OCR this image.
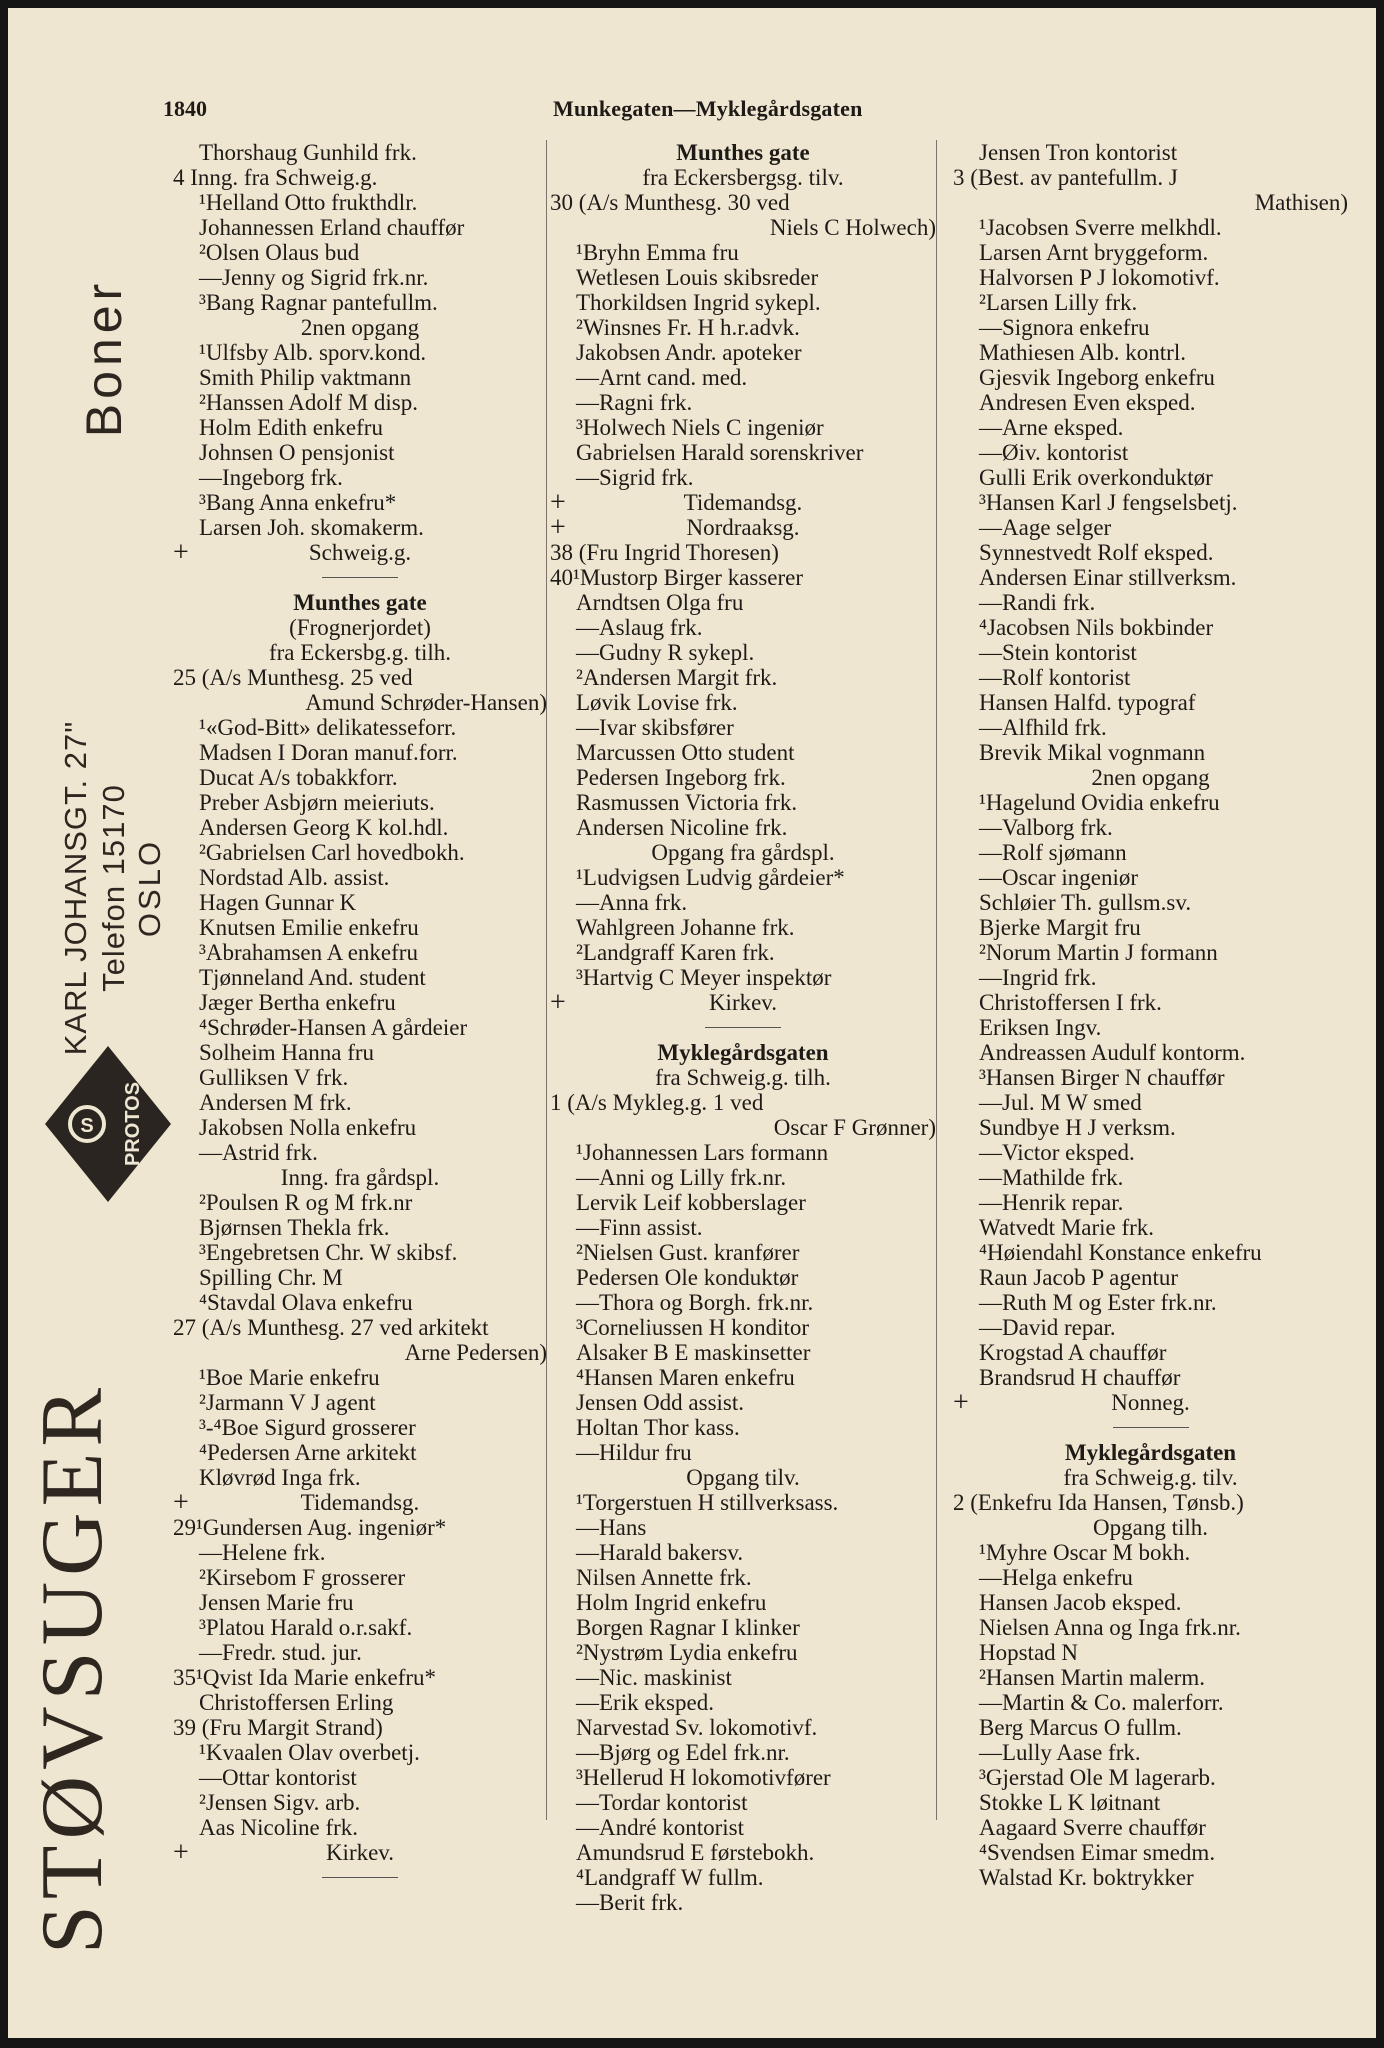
1840	Munkegaten—Myklegårdsgaten
Boner
KARL JOHANSGT. 27" Telefon 15170 OSLO
S PROTOS
STØVSUGER
Thorshaug Gunhild frk.
4 Inng. fra Schweig.g.
¹Helland Otto frukthdlr.
Johannessen Erland chauffør
²Olsen Olaus bud
—Jenny og Sigrid frk.nr.
³Bang Ragnar pantefullm.
2nen opgang
¹Ulfsby Alb. sporv.kond.
Smith Philip vaktmann
²Hanssen Adolf M disp.
Holm Edith enkefru
Johnsen O pensjonist
—Ingeborg frk.
³Bang Anna enkefru*
Larsen Joh. skomakerm.
+	Schweig.g.
Munthes gate
(Frognerjordet)
fra Eckersbg.g. tilh.
25 (A/s Munthesg. 25 ved
Amund Schrøder-Hansen)
¹«God-Bitt» delikatesseforr.
Madsen I Doran manuf.forr.
Ducat A/s tobakkforr.
Preber Asbjørn meieriuts.
Andersen Georg K kol.hdl.
²Gabrielsen Carl hovedbokh.
Nordstad Alb. assist.
Hagen Gunnar K
Knutsen Emilie enkefru
³Abrahamsen A enkefru
Tjønneland And. student
Jæger Bertha enkefru
⁴Schrøder-Hansen A gårdeier
Solheim Hanna fru
Gulliksen V frk.
Andersen M frk.
Jakobsen Nolla enkefru
—Astrid frk.
Inng. fra gårdspl.
²Poulsen R og M frk.nr
Bjørnsen Thekla frk.
³Engebretsen Chr. W skibsf.
Spilling Chr. M
⁴Stavdal Olava enkefru
27 (A/s Munthesg. 27 ved arkitekt
Arne Pedersen)
¹Boe Marie enkefru
²Jarmann V J agent
³-⁴Boe Sigurd grosserer
⁴Pedersen Arne arkitekt
Kløvrød Inga frk.
+	Tidemandsg.
29¹Gundersen Aug. ingeniør*
—Helene frk.
²Kirsebom F grosserer
Jensen Marie fru
³Platou Harald o.r.sakf.
—Fredr. stud. jur.
35¹Qvist Ida Marie enkefru*
Christoffersen Erling
39 (Fru Margit Strand)
¹Kvaalen Olav overbetj.
—Ottar kontorist
²Jensen Sigv. arb.
Aas Nicoline frk.
+	Kirkev.
Munthes gate
fra Eckersbergsg. tilv.
30 (A/s Munthesg. 30 ved
Niels C Holwech)
¹Bryhn Emma fru
Wetlesen Louis skibsreder
Thorkildsen Ingrid sykepl.
²Winsnes Fr. H h.r.advk.
Jakobsen Andr. apoteker
—Arnt cand. med.
—Ragni frk.
³Holwech Niels C ingeniør
Gabrielsen Harald sorenskriver
—Sigrid frk.
+	Tidemandsg.
+	Nordraaksg.
38 (Fru Ingrid Thoresen)
40¹Mustorp Birger kasserer
Arndtsen Olga fru
—Aslaug frk.
—Gudny R sykepl.
²Andersen Margit frk.
Løvik Lovise frk.
—Ivar skibsfører
Marcussen Otto student
Pedersen Ingeborg frk.
Rasmussen Victoria frk.
Andersen Nicoline frk.
Opgang fra gårdspl.
¹Ludvigsen Ludvig gårdeier*
—Anna frk.
Wahlgreen Johanne frk.
²Landgraff Karen frk.
³Hartvig C Meyer inspektør
+	Kirkev.
Myklegårdsgaten
fra Schweig.g. tilh.
1 (A/s Mykleg.g. 1 ved
Oscar F Grønner)
¹Johannessen Lars formann
—Anni og Lilly frk.nr.
Lervik Leif kobberslager
—Finn assist.
²Nielsen Gust. kranfører
Pedersen Ole konduktør
—Thora og Borgh. frk.nr.
³Corneliussen H konditor
Alsaker B E maskinsetter
⁴Hansen Maren enkefru
Jensen Odd assist.
Holtan Thor kass.
—Hildur fru
Opgang tilv.
¹Torgerstuen H stillverksass.
—Hans
—Harald bakersv.
Nilsen Annette frk.
Holm Ingrid enkefru
Borgen Ragnar I klinker
²Nystrøm Lydia enkefru
—Nic. maskinist
—Erik eksped.
Narvestad Sv. lokomotivf.
—Bjørg og Edel frk.nr.
³Hellerud H lokomotivfører
—Tordar kontorist
—André kontorist
Amundsrud E førstebokh.
⁴Landgraff W fullm.
—Berit frk.
Jensen Tron kontorist
3 (Best. av pantefullm. J
Mathisen)
¹Jacobsen Sverre melkhdl.
Larsen Arnt bryggeform.
Halvorsen P J lokomotivf.
²Larsen Lilly frk.
—Signora enkefru
Mathiesen Alb. kontrl.
Gjesvik Ingeborg enkefru
Andresen Even eksped.
—Arne eksped.
—Øiv. kontorist
Gulli Erik overkonduktør
³Hansen Karl J fengselsbetj.
—Aage selger
Synnestvedt Rolf eksped.
Andersen Einar stillverksm.
—Randi frk.
⁴Jacobsen Nils bokbinder
—Stein kontorist
—Rolf kontorist
Hansen Halfd. typograf
—Alfhild frk.
Brevik Mikal vognmann
2nen opgang
¹Hagelund Ovidia enkefru
—Valborg frk.
—Rolf sjømann
—Oscar ingeniør
Schløier Th. gullsm.sv.
Bjerke Margit fru
²Norum Martin J formann
—Ingrid frk.
Christoffersen I frk.
Eriksen Ingv.
Andreassen Audulf kontorm.
³Hansen Birger N chauffør
—Jul. M W smed
Sundbye H J verksm.
—Victor eksped.
—Mathilde frk.
—Henrik repar.
Watvedt Marie frk.
⁴Høiendahl Konstance enkefru
Raun Jacob P agentur
—Ruth M og Ester frk.nr.
—David repar.
Krogstad A chauffør
Brandsrud H chauffør
+	Nonneg.
Myklegårdsgaten
fra Schweig.g. tilv.
2 (Enkefru Ida Hansen, Tønsb.)
Opgang tilh.
¹Myhre Oscar M bokh.
—Helga enkefru
Hansen Jacob eksped.
Nielsen Anna og Inga frk.nr.
Hopstad N
²Hansen Martin malerm.
—Martin & Co. malerforr.
Berg Marcus O fullm.
—Lully Aase frk.
³Gjerstad Ole M lagerarb.
Stokke L K løitnant
Aagaard Sverre chauffør
⁴Svendsen Eimar smedm.
Walstad Kr. boktrykker
